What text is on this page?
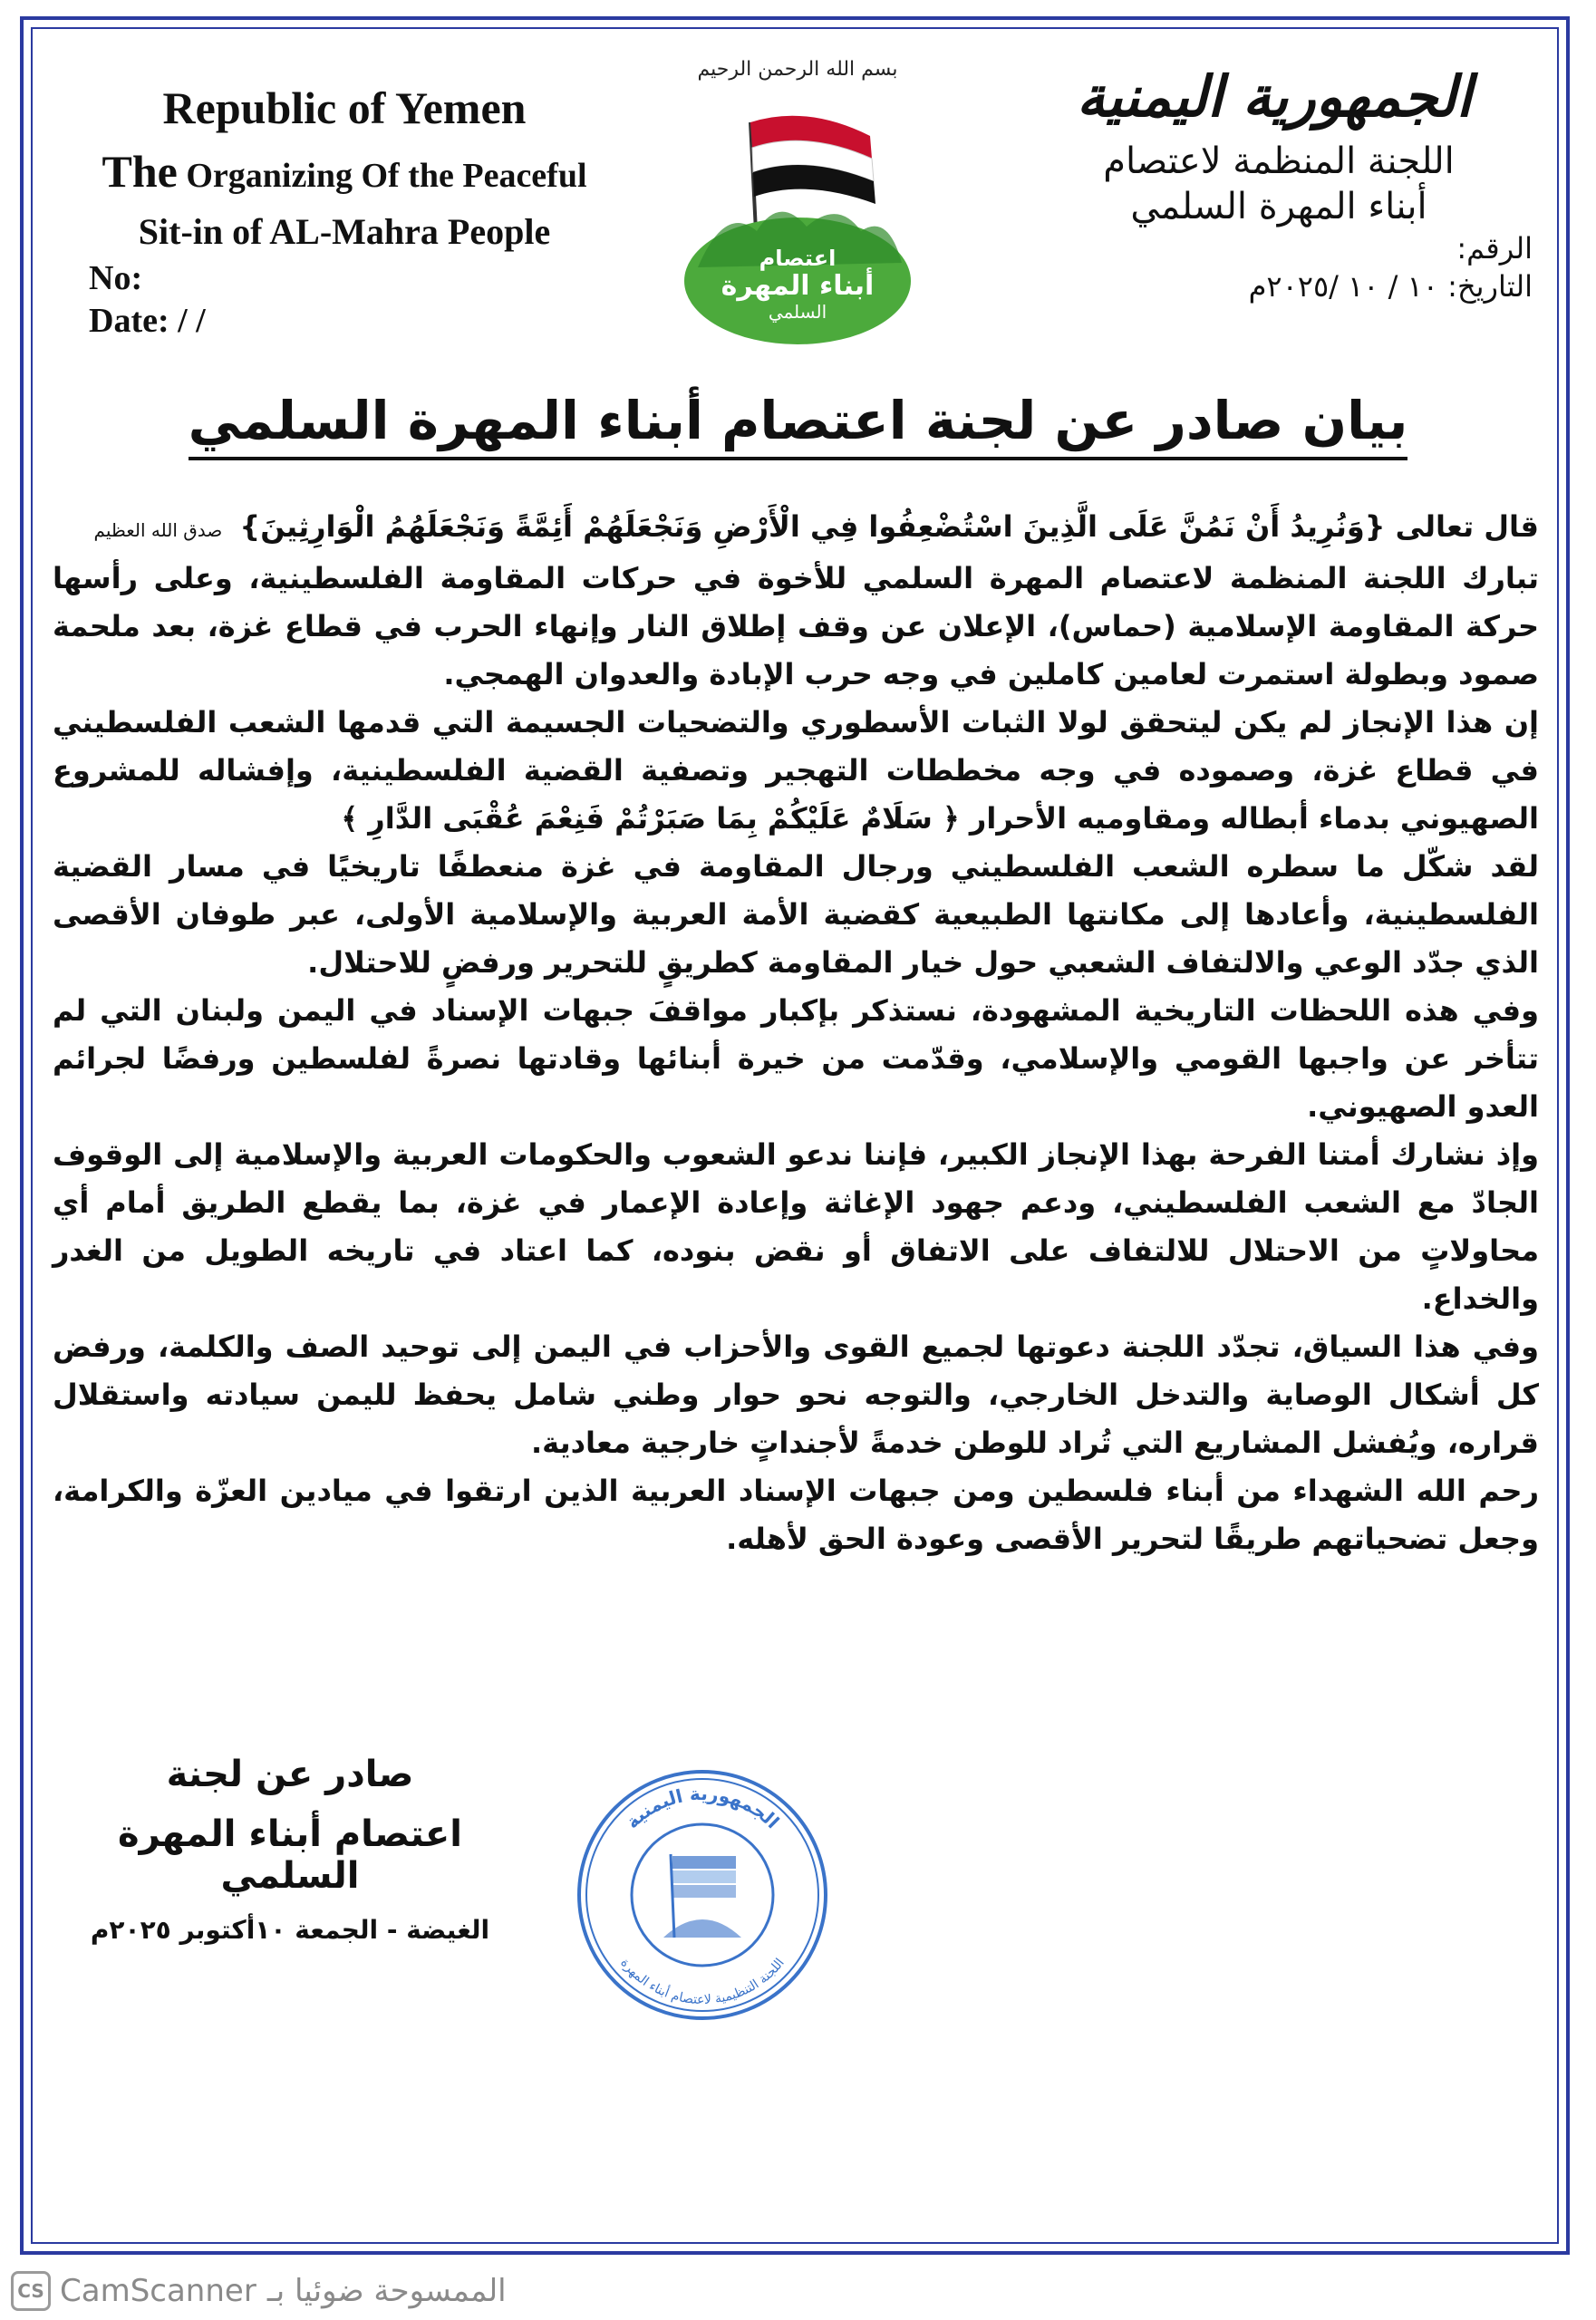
Republic of Yemen
The Organizing Of the Peaceful
Sit-in of AL-Mahra People
No:
Date: / /
بسم الله الرحمن الرحيم
اعتصام
أبناء المهرة
السلمي
الجمهورية اليمنية
اللجنة المنظمة لاعتصام
أبناء المهرة السلمي
الرقم:
التاريخ: ١٠ / ١٠ /٢٠٢٥م
بيان صادر عن لجنة اعتصام أبناء المهرة السلمي

قال تعالى {وَنُرِيدُ أَنْ نَمُنَّ عَلَى الَّذِينَ اسْتُضْعِفُوا فِي الْأَرْضِ وَنَجْعَلَهُمْ أَئِمَّةً وَنَجْعَلَهُمُ الْوَارِثِينَ} صدق الله العظيم

تبارك اللجنة المنظمة لاعتصام المهرة السلمي للأخوة في حركات المقاومة الفلسطينية، وعلى رأسها حركة المقاومة الإسلامية (حماس)، الإعلان عن وقف إطلاق النار وإنهاء الحرب في قطاع غزة، بعد ملحمة صمود وبطولة استمرت لعامين كاملين في وجه حرب الإبادة والعدوان الهمجي.

إن هذا الإنجاز لم يكن ليتحقق لولا الثبات الأسطوري والتضحيات الجسيمة التي قدمها الشعب الفلسطيني في قطاع غزة، وصموده في وجه مخططات التهجير وتصفية القضية الفلسطينية، وإفشاله للمشروع الصهيوني بدماء أبطاله ومقاوميه الأحرار ﴿ سَلَامٌ عَلَيْكُمْ بِمَا صَبَرْتُمْ فَنِعْمَ عُقْبَى الدَّارِ ﴾

لقد شكّل ما سطره الشعب الفلسطيني ورجال المقاومة في غزة منعطفًا تاريخيًا في مسار القضية الفلسطينية، وأعادها إلى مكانتها الطبيعية كقضية الأمة العربية والإسلامية الأولى، عبر طوفان الأقصى الذي جدّد الوعي والالتفاف الشعبي حول خيار المقاومة كطريقٍ للتحرير ورفضٍ للاحتلال.

وفي هذه اللحظات التاريخية المشهودة، نستذكر بإكبار مواقفَ جبهات الإسناد في اليمن ولبنان التي لم تتأخر عن واجبها القومي والإسلامي، وقدّمت من خيرة أبنائها وقادتها نصرةً لفلسطين ورفضًا لجرائم العدو الصهيوني.

وإذ نشارك أمتنا الفرحة بهذا الإنجاز الكبير، فإننا ندعو الشعوب والحكومات العربية والإسلامية إلى الوقوف الجادّ مع الشعب الفلسطيني، ودعم جهود الإغاثة وإعادة الإعمار في غزة، بما يقطع الطريق أمام أي محاولاتٍ من الاحتلال للالتفاف على الاتفاق أو نقض بنوده، كما اعتاد في تاريخه الطويل من الغدر والخداع.

وفي هذا السياق، تجدّد اللجنة دعوتها لجميع القوى والأحزاب في اليمن إلى توحيد الصف والكلمة، ورفض كل أشكال الوصاية والتدخل الخارجي، والتوجه نحو حوار وطني شامل يحفظ لليمن سيادته واستقلال قراره، ويُفشل المشاريع التي تُراد للوطن خدمةً لأجنداتٍ خارجية معادية.

رحم الله الشهداء من أبناء فلسطين ومن جبهات الإسناد العربية الذين ارتقوا في ميادين العزّة والكرامة، وجعل تضحياتهم طريقًا لتحرير الأقصى وعودة الحق لأهله.

صادر عن لجنة
اعتصام أبناء المهرة السلمي
الغيضة - الجمعة ١٠أكتوبر ٢٠٢٥م
الجمهورية اليمنية
اللجنة التنظيمية لاعتصام أبناء المهرة
CS CamScanner الممسوحة ضوئيا بـ
